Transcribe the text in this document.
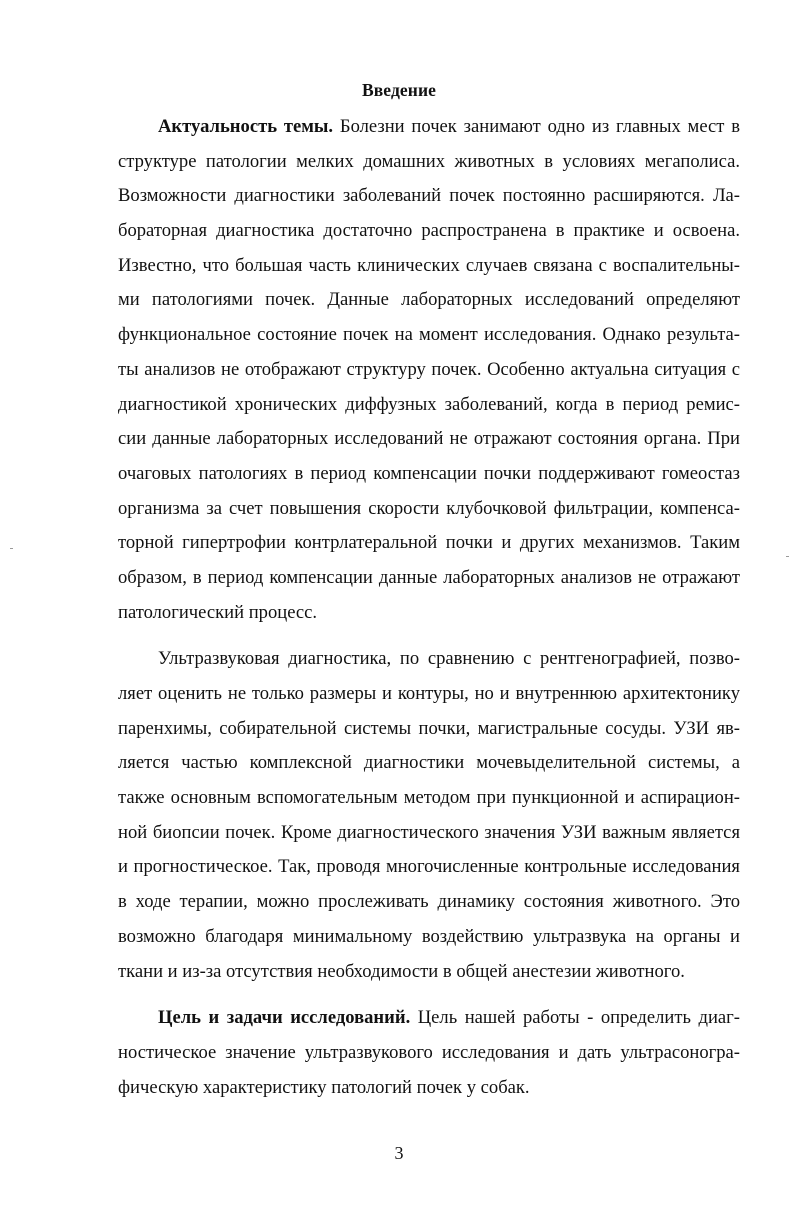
Введение
Актуальность темы. Болезни почек занимают одно из главных мест в
структуре патологии мелких домашних животных в условиях мегаполиса.
Возможности диагностики заболеваний почек постоянно расширяются. Ла-
бораторная диагностика достаточно распространена в практике и освоена.
Известно, что большая часть клинических случаев связана с воспалительны-
ми патологиями почек. Данные лабораторных исследований определяют
функциональное состояние почек на момент исследования. Однако результа-
ты анализов не отображают структуру почек. Особенно актуальна ситуация с
диагностикой хронических диффузных заболеваний, когда в период ремис-
сии данные лабораторных исследований не отражают состояния органа. При
очаговых патологиях в период компенсации почки поддерживают гомеостаз
организма за счет повышения скорости клубочковой фильтрации, компенса-
торной гипертрофии контрлатеральной почки и других механизмов. Таким
образом, в период компенсации данные лабораторных анализов не отражают
патологический процесс.
Ультразвуковая диагностика, по сравнению с рентгенографией, позво-
ляет оценить не только размеры и контуры, но и внутреннюю архитектонику
паренхимы, собирательной системы почки, магистральные сосуды. УЗИ яв-
ляется частью комплексной диагностики мочевыделительной системы, а
также основным вспомогательным методом при пункционной и аспирацион-
ной биопсии почек. Кроме диагностического значения УЗИ важным является
и прогностическое. Так, проводя многочисленные контрольные исследования
в ходе терапии, можно прослеживать динамику состояния животного. Это
возможно благодаря минимальному воздействию ультразвука на органы и
ткани и из-за отсутствия необходимости в общей анестезии животного.
Цель и задачи исследований. Цель нашей работы - определить диаг-
ностическое значение ультразвукового исследования и дать ультрасоногра-
фическую характеристику патологий почек у собак.
3
